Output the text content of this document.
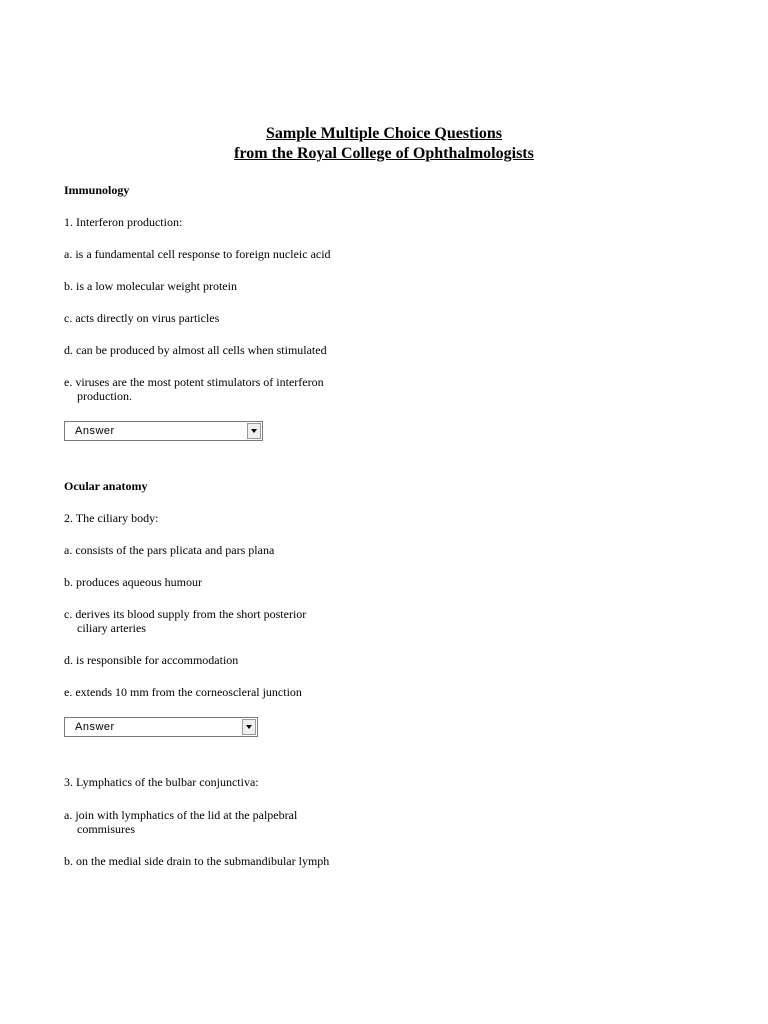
Sample Multiple Choice Questions
from the Royal College of Ophthalmologists
Immunology
1. Interferon production:
a. is a fundamental cell response to foreign nucleic acid
b. is a low molecular weight protein
c. acts directly on virus particles
d. can be produced by almost all cells when stimulated
e. viruses are the most potent stimulators of interferon
production.
Answer
Ocular anatomy
2. The ciliary body:
a. consists of the pars plicata and pars plana
b. produces aqueous humour
c. derives its blood supply from the short posterior
ciliary arteries
d. is responsible for accommodation
e. extends 10 mm from the corneoscleral junction
Answer
3. Lymphatics of the bulbar conjunctiva:
a. join with lymphatics of the lid at the palpebral
commisures
b. on the medial side drain to the submandibular lymph
